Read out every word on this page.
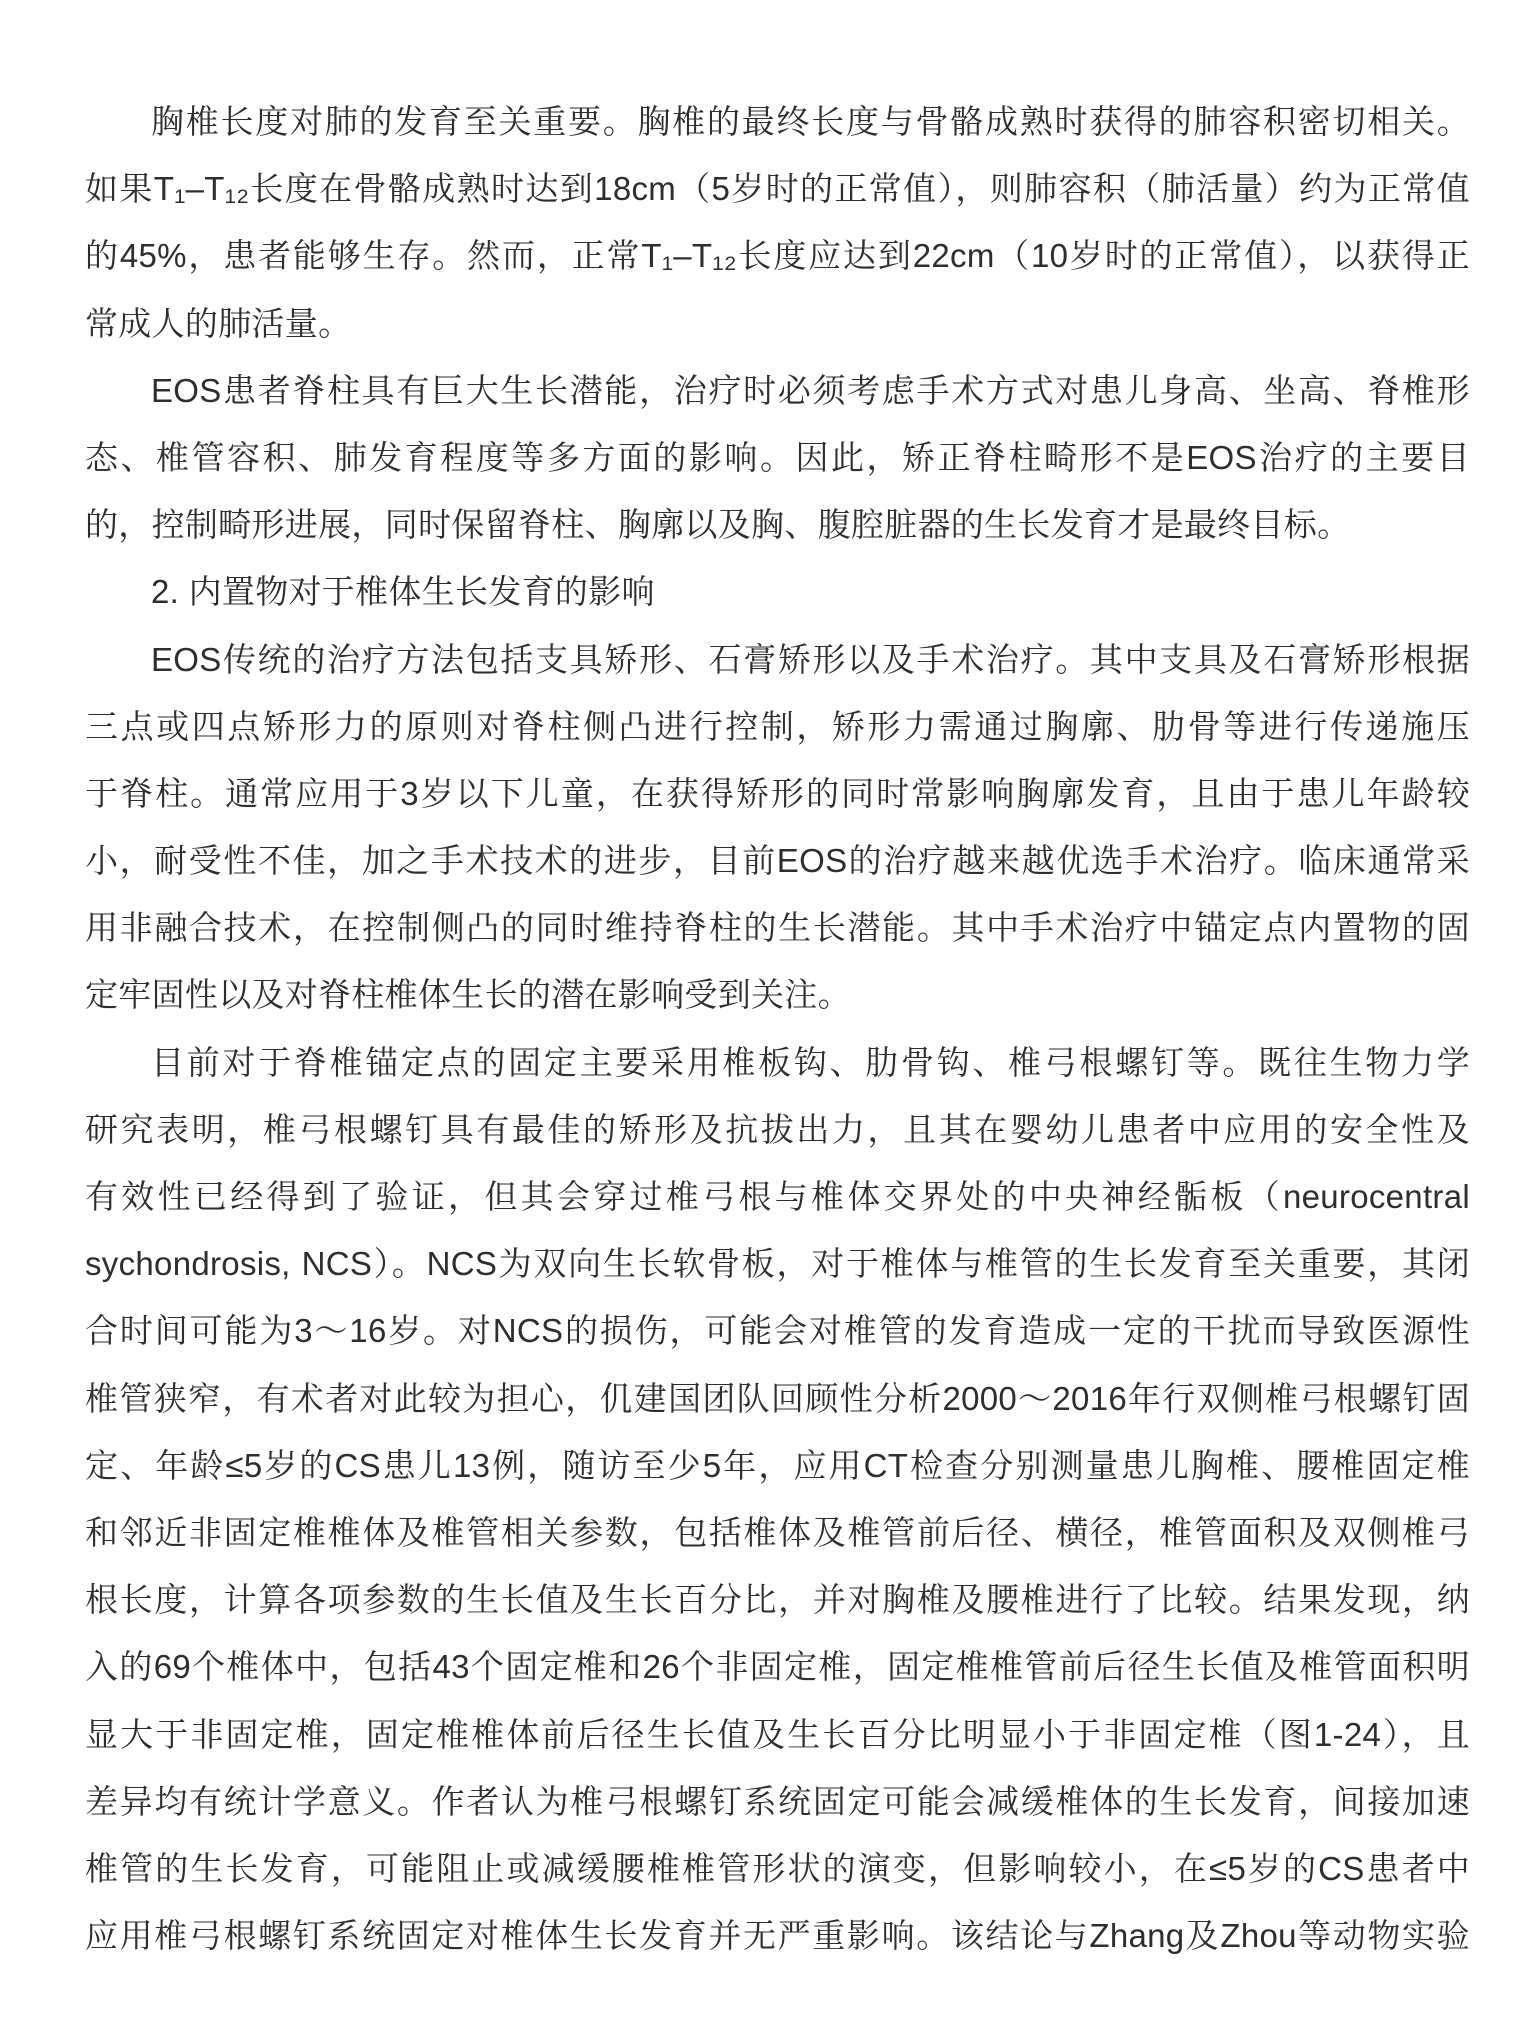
胸椎长度对肺的发育至关重要。胸椎的最终长度与骨骼成熟时获得的肺容积密切相关。
如果T₁–T₁₂长度在骨骼成熟时达到18cm（5岁时的正常值），则肺容积（肺活量）约为正常值
的45%，患者能够生存。然而，正常T₁–T₁₂长度应达到22cm（10岁时的正常值），以获得正
常成人的肺活量。
EOS患者脊柱具有巨大生长潜能，治疗时必须考虑手术方式对患儿身高、坐高、脊椎形
态、椎管容积、肺发育程度等多方面的影响。因此，矫正脊柱畸形不是EOS治疗的主要目
的，控制畸形进展，同时保留脊柱、胸廓以及胸、腹腔脏器的生长发育才是最终目标。
2. 内置物对于椎体生长发育的影响
EOS传统的治疗方法包括支具矫形、石膏矫形以及手术治疗。其中支具及石膏矫形根据
三点或四点矫形力的原则对脊柱侧凸进行控制，矫形力需通过胸廓、肋骨等进行传递施压
于脊柱。通常应用于3岁以下儿童，在获得矫形的同时常影响胸廓发育，且由于患儿年龄较
小，耐受性不佳，加之手术技术的进步，目前EOS的治疗越来越优选手术治疗。临床通常采
用非融合技术，在控制侧凸的同时维持脊柱的生长潜能。其中手术治疗中锚定点内置物的固
定牢固性以及对脊柱椎体生长的潜在影响受到关注。
目前对于脊椎锚定点的固定主要采用椎板钩、肋骨钩、椎弓根螺钉等。既往生物力学
研究表明，椎弓根螺钉具有最佳的矫形及抗拔出力，且其在婴幼儿患者中应用的安全性及
有效性已经得到了验证，但其会穿过椎弓根与椎体交界处的中央神经骺板（neurocentral
sychondrosis, NCS）。NCS为双向生长软骨板，对于椎体与椎管的生长发育至关重要，其闭
合时间可能为3～16岁。对NCS的损伤，可能会对椎管的发育造成一定的干扰而导致医源性
椎管狭窄，有术者对此较为担心，仉建国团队回顾性分析2000～2016年行双侧椎弓根螺钉固
定、年龄≤5岁的CS患儿13例，随访至少5年，应用CT检查分别测量患儿胸椎、腰椎固定椎
和邻近非固定椎椎体及椎管相关参数，包括椎体及椎管前后径、横径，椎管面积及双侧椎弓
根长度，计算各项参数的生长值及生长百分比，并对胸椎及腰椎进行了比较。结果发现，纳
入的69个椎体中，包括43个固定椎和26个非固定椎，固定椎椎管前后径生长值及椎管面积明
显大于非固定椎，固定椎椎体前后径生长值及生长百分比明显小于非固定椎（图1-24），且
差异均有统计学意义。作者认为椎弓根螺钉系统固定可能会减缓椎体的生长发育，间接加速
椎管的生长发育，可能阻止或减缓腰椎椎管形状的演变，但影响较小，在≤5岁的CS患者中
应用椎弓根螺钉系统固定对椎体生长发育并无严重影响。该结论与Zhang及Zhou等动物实验
